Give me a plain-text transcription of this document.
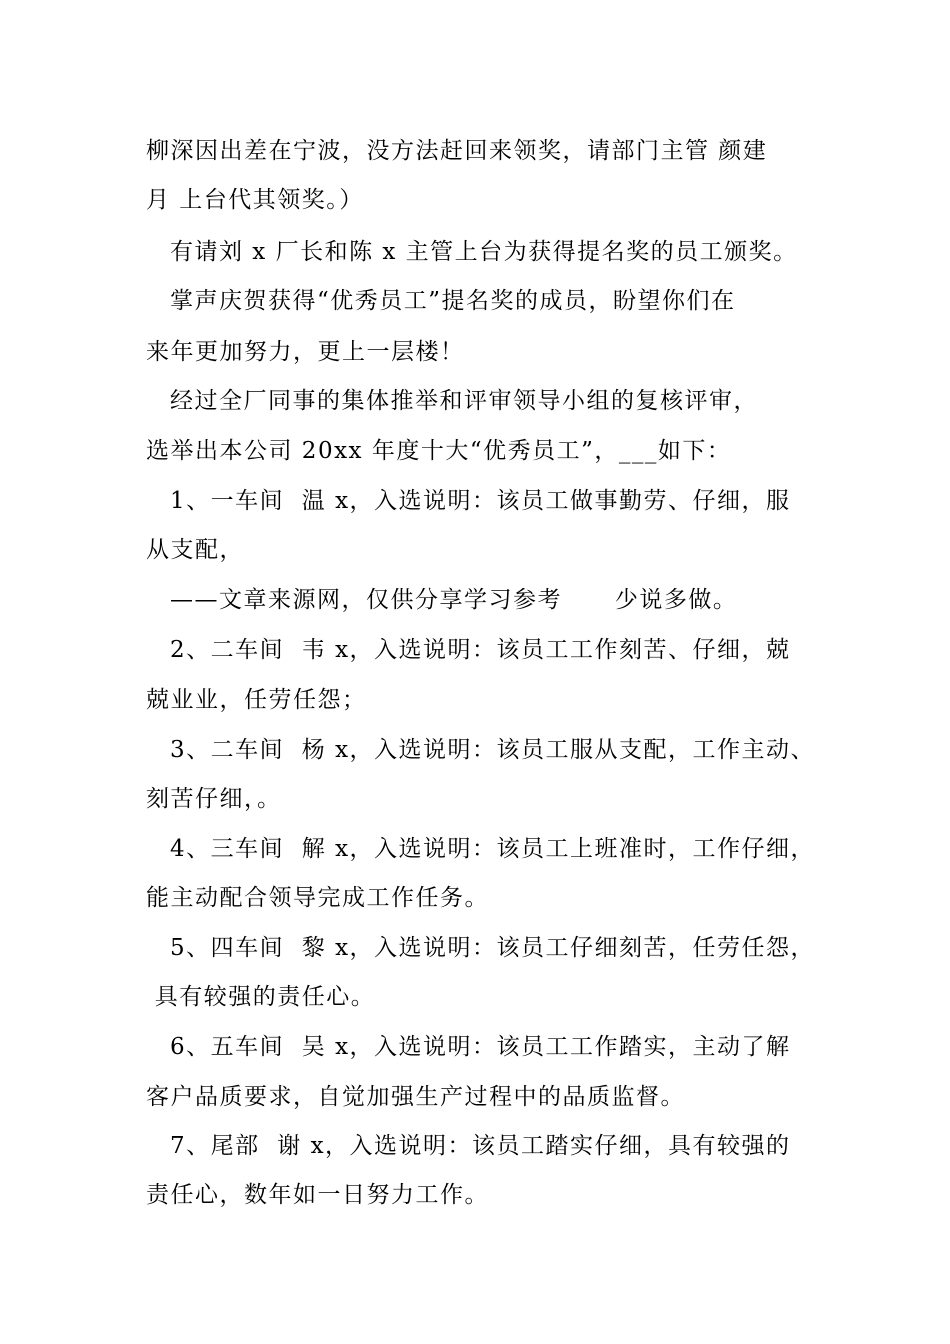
柳深因出差在宁波，没方法赶回来领奖，请部门主管 颜建
月 上台代其领奖。）
有请刘 x 厂长和陈 x 主管上台为获得提名奖的员工颁奖。
掌声庆贺获得“优秀员工”提名奖的成员，盼望你们在
来年更加努力，更上一层楼！
经过全厂同事的集体推举和评审领导小组的复核评审，
选举出本公司 20xx 年度十大“优秀员工”，___如下：
1、一车间  温 x，入选说明：该员工做事勤劳、仔细，服
从支配，
——文章来源网，仅供分享学习参考      少说多做。
2、二车间  韦 x，入选说明：该员工工作刻苦、仔细，兢
兢业业，任劳任怨；
3、二车间  杨 x，入选说明：该员工服从支配，工作主动、
刻苦仔细，。
4、三车间  解 x，入选说明：该员工上班准时，工作仔细，
能主动配合领导完成工作任务。
5、四车间  黎 x，入选说明：该员工仔细刻苦，任劳任怨，
具有较强的责任心。
6、五车间  吴 x，入选说明：该员工工作踏实，主动了解
客户品质要求，自觉加强生产过程中的品质监督。
7、尾部  谢 x，入选说明：该员工踏实仔细，具有较强的
责任心，数年如一日努力工作。
